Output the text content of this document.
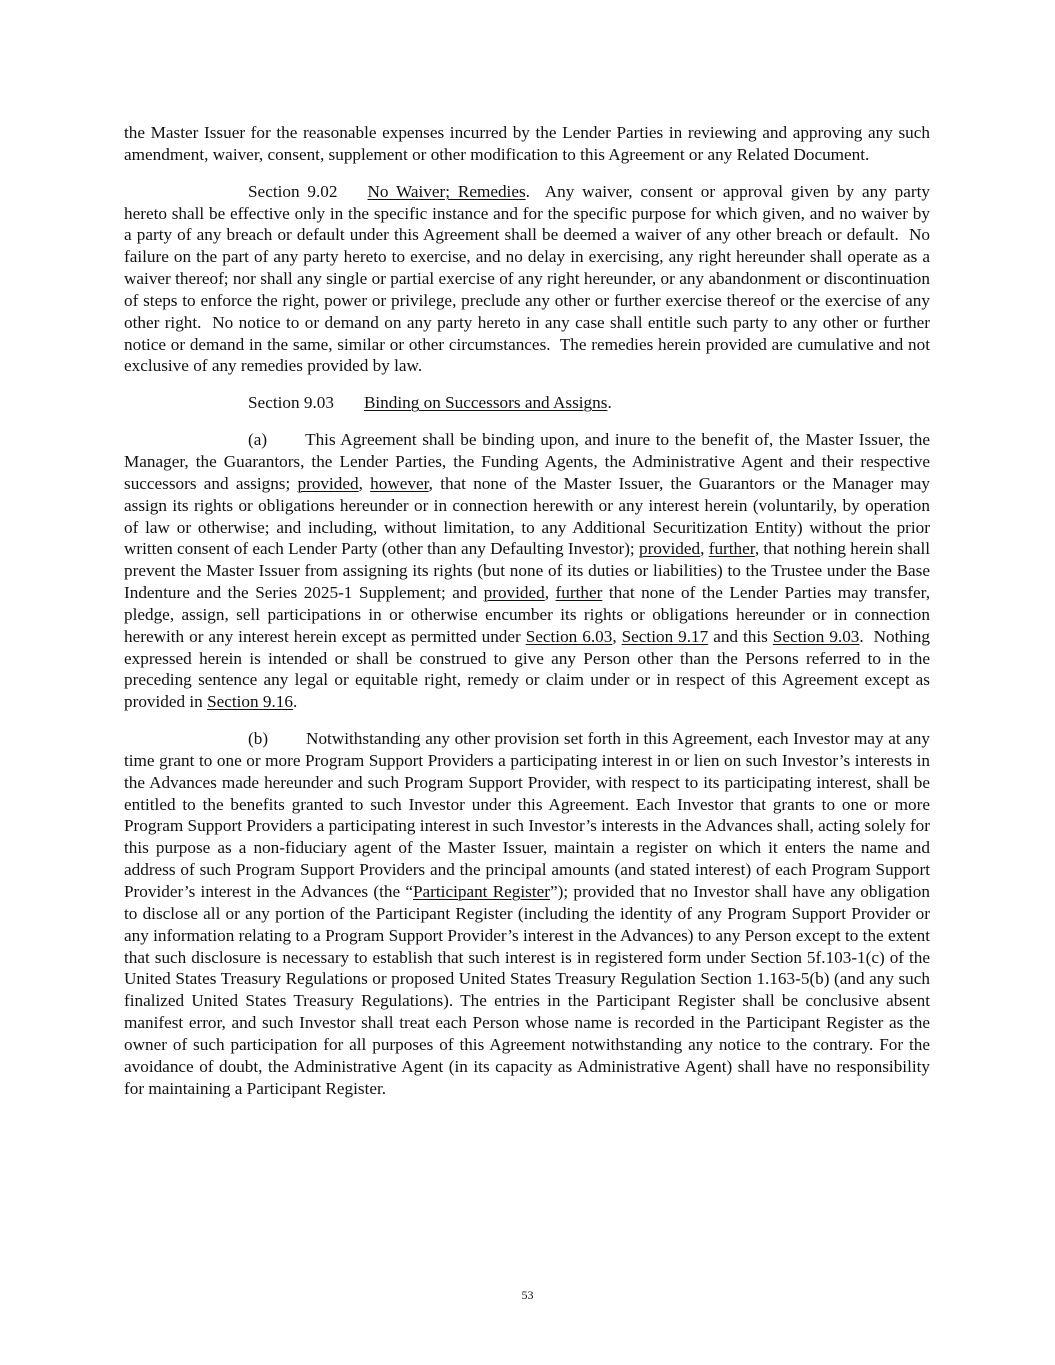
the Master Issuer for the reasonable expenses incurred by the Lender Parties in reviewing and approving any such amendment, waiver, consent, supplement or other modification to this Agreement or any Related Document.

Section 9.02 No Waiver; Remedies.  Any waiver, consent or approval given by any party hereto shall be effective only in the specific instance and for the specific purpose for which given, and no waiver by a party of any breach or default under this Agreement shall be deemed a waiver of any other breach or default.  No failure on the part of any party hereto to exercise, and no delay in exercising, any right hereunder shall operate as a waiver thereof; nor shall any single or partial exercise of any right hereunder, or any abandonment or discontinuation of steps to enforce the right, power or privilege, preclude any other or further exercise thereof or the exercise of any other right.  No notice to or demand on any party hereto in any case shall entitle such party to any other or further notice or demand in the same, similar or other circumstances.  The remedies herein provided are cumulative and not exclusive of any remedies provided by law.

Section 9.03 Binding on Successors and Assigns.

(a) This Agreement shall be binding upon, and inure to the benefit of, the Master Issuer, the Manager, the Guarantors, the Lender Parties, the Funding Agents, the Administrative Agent and their respective successors and assigns; provided, however, that none of the Master Issuer, the Guarantors or the Manager may assign its rights or obligations hereunder or in connection herewith or any interest herein (voluntarily, by operation of law or otherwise; and including, without limitation, to any Additional Securitization Entity) without the prior written consent of each Lender Party (other than any Defaulting Investor); provided, further, that nothing herein shall prevent the Master Issuer from assigning its rights (but none of its duties or liabilities) to the Trustee under the Base Indenture and the Series 2025-1 Supplement; and provided, further that none of the Lender Parties may transfer, pledge, assign, sell participations in or otherwise encumber its rights or obligations hereunder or in connection herewith or any interest herein except as permitted under Section 6.03, Section 9.17 and this Section 9.03.  Nothing expressed herein is intended or shall be construed to give any Person other than the Persons referred to in the preceding sentence any legal or equitable right, remedy or claim under or in respect of this Agreement except as provided in Section 9.16.

(b) Notwithstanding any other provision set forth in this Agreement, each Investor may at any time grant to one or more Program Support Providers a participating interest in or lien on such Investor’s interests in the Advances made hereunder and such Program Support Provider, with respect to its participating interest, shall be entitled to the benefits granted to such Investor under this Agreement. Each Investor that grants to one or more Program Support Providers a participating interest in such Investor’s interests in the Advances shall, acting solely for this purpose as a non-fiduciary agent of the Master Issuer, maintain a register on which it enters the name and address of such Program Support Providers and the principal amounts (and stated interest) of each Program Support Provider’s interest in the Advances (the “Participant Register”); provided that no Investor shall have any obligation to disclose all or any portion of the Participant Register (including the identity of any Program Support Provider or any information relating to a Program Support Provider’s interest in the Advances) to any Person except to the extent that such disclosure is necessary to establish that such interest is in registered form under Section 5f.103-1(c) of the United States Treasury Regulations or proposed United States Treasury Regulation Section 1.163-5(b) (and any such finalized United States Treasury Regulations). The entries in the Participant Register shall be conclusive absent manifest error, and such Investor shall treat each Person whose name is recorded in the Participant Register as the owner of such participation for all purposes of this Agreement notwithstanding any notice to the contrary. For the avoidance of doubt, the Administrative Agent (in its capacity as Administrative Agent) shall have no responsibility for maintaining a Participant Register.

53
